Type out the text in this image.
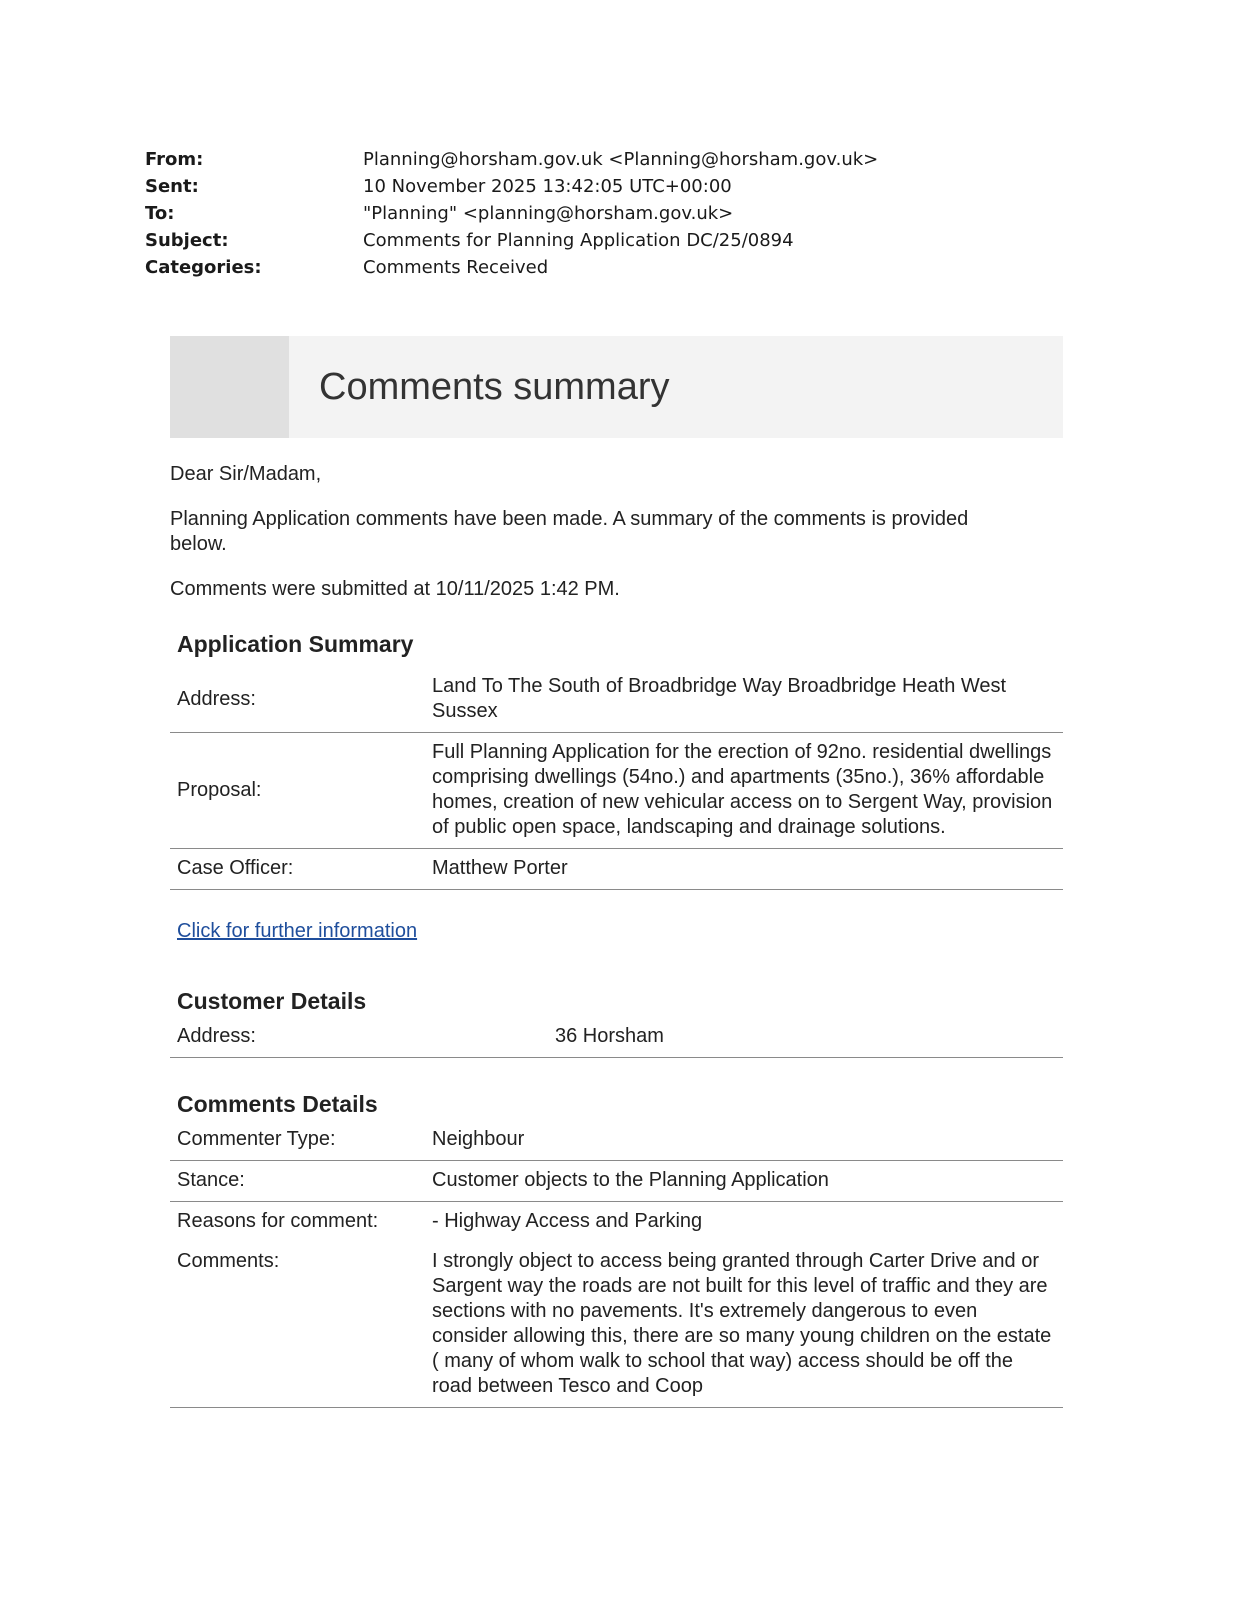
From:	Planning@horsham.gov.uk <Planning@horsham.gov.uk>
Sent:	10 November 2025 13:42:05 UTC+00:00
To:	"Planning" <planning@horsham.gov.uk>
Subject:	Comments for Planning Application DC/25/0894
Categories:	Comments Received
Comments summary

Dear Sir/Madam,

Planning Application comments have been made. A summary of the comments is provided below.

Comments were submitted at 10/11/2025 1:42 PM.

Application Summary
Address:	Land To The South of Broadbridge Way Broadbridge Heath West Sussex
Proposal:	Full Planning Application for the erection of 92no. residential dwellings comprising dwellings (54no.) and apartments (35no.), 36% affordable homes, creation of new vehicular access on to Sergent Way, provision of public open space, landscaping and drainage solutions.
Case Officer:	Matthew Porter
Click for further information
Customer Details
Address:	36 Horsham
Comments Details
Commenter Type:	Neighbour
Stance:	Customer objects to the Planning Application
Reasons for comment:	- Highway Access and Parking
Comments:	I strongly object to access being granted through Carter Drive and or Sargent way the roads are not built for this level of traffic and they are sections with no pavements. It's extremely dangerous to even consider allowing this, there are so many young children on the estate ( many of whom walk to school that way) access should be off the road between Tesco and Coop
